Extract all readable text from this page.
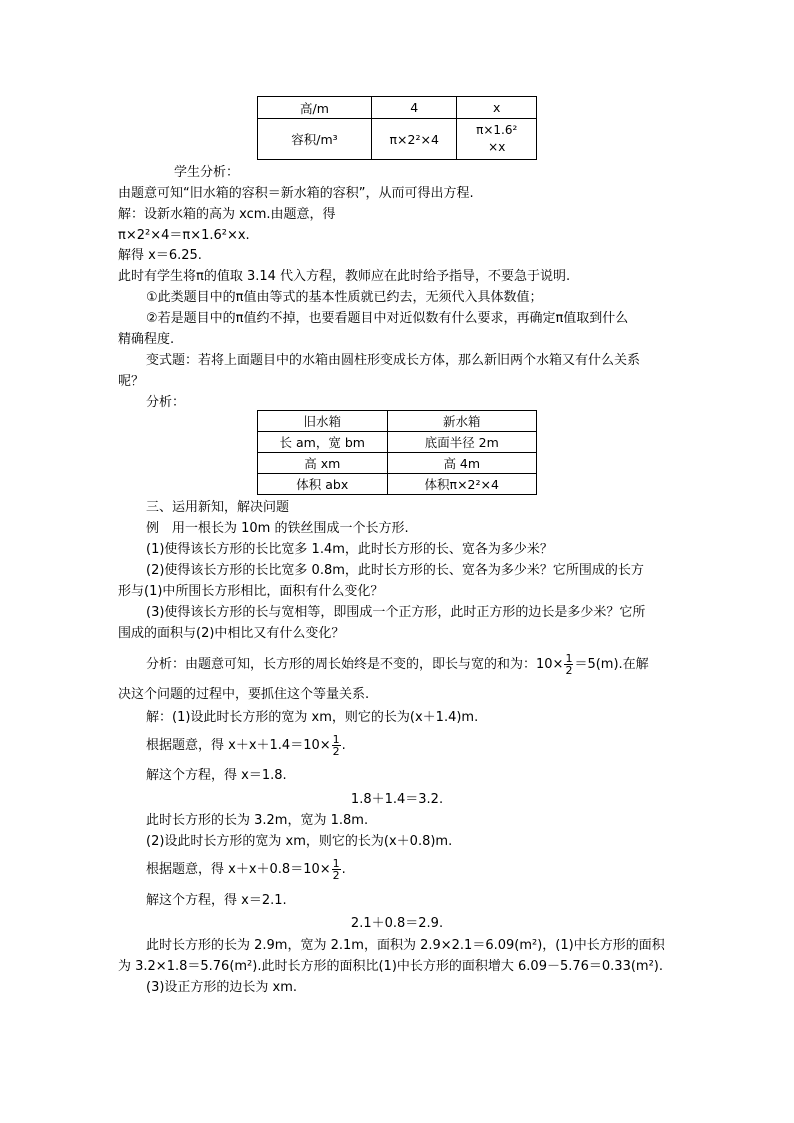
高/m	4	x
容积/m³	π×2²×4	π×1.6²
×x
学生分析：
由题意可知“旧水箱的容积＝新水箱的容积”，从而可得出方程.
解：设新水箱的高为 xcm.由题意，得
π×2²×4＝π×1.6²×x.
解得 x＝6.25.
此时有学生将π的值取 3.14 代入方程，教师应在此时给予指导，不要急于说明.
①此类题目中的π值由等式的基本性质就已约去，无须代入具体数值；
②若是题目中的π值约不掉，也要看题目中对近似数有什么要求，再确定π值取到什么
精确程度.
变式题：若将上面题目中的水箱由圆柱形变成长方体，那么新旧两个水箱又有什么关系
呢？
分析：
旧水箱	新水箱
长 am，宽 bm	底面半径 2m
高 xm	高 4m
体积 abx	体积π×2²×4
三、运用新知，解决问题
例　用一根长为 10m 的铁丝围成一个长方形.
(1)使得该长方形的长比宽多 1.4m，此时长方形的长、宽各为多少米？
(2)使得该长方形的长比宽多 0.8m，此时长方形的长、宽各为多少米？它所围成的长方
形与(1)中所围长方形相比，面积有什么变化？
(3)使得该长方形的长与宽相等，即围成一个正方形，此时正方形的边长是多少米？它所
围成的面积与(2)中相比又有什么变化？
分析：由题意可知，长方形的周长始终是不变的，即长与宽的和为：$10\times \frac{1}{2} =5(m)$.在解
决这个问题的过程中，要抓住这个等量关系.
解：(1)设此时长方形的宽为 xm，则它的长为(x＋1.4)m.
根据题意，得 $x+x+1.4=10\times \frac{1}{2}$ .
解这个方程，得 x＝1.8.
1.8＋1.4＝3.2.
此时长方形的长为 3.2m，宽为 1.8m.
(2)设此时长方形的宽为 xm，则它的长为(x＋0.8)m.
根据题意，得 $x+x+0.8=10\times \frac{1}{2}$ .
解这个方程，得 x＝2.1.
2.1＋0.8＝2.9.
此时长方形的长为 2.9m，宽为 2.1m，面积为 2.9×2.1＝6.09(m²)，(1)中长方形的面积
为 3.2×1.8＝5.76(m²).此时长方形的面积比(1)中长方形的面积增大 6.09－5.76＝0.33(m²).
(3)设正方形的边长为 xm.
